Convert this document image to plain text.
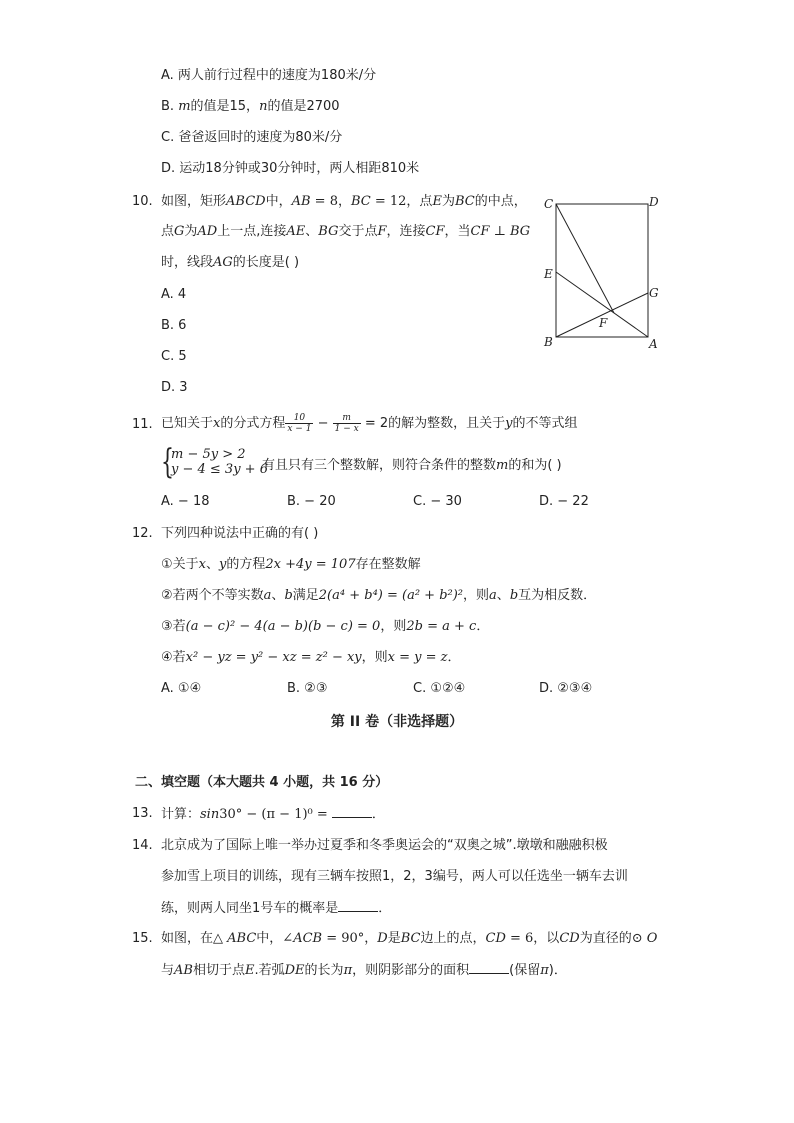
A. 两人前行过程中的速度为180米/分
B. m的值是15，n的值是2700
C. 爸爸返回时的速度为80米/分
D. 运动18分钟或30分钟时，两人相距810米
10. 如图，矩形ABCD中，AB = 8，BC = 12，点E为BC的中点，
点G为AD上一点,连接AE、BG交于点F，连接CF，当CF ⊥ BG
时，线段AG的长度是( )
A. 4
B. 6
C. 5
D. 3
C	D
E
G
F
B	A
11. 已知关于x的分式方程 $\frac{10}{x - 1} - \frac{m}{1 - x} = 2$的解为整数，且关于y的不等式组
{
m − 5y > 2
y − 4 ≤ 3y + 6
有且只有三个整数解，则符合条件的整数m的和为( )
A. − 18	B. − 20	C. − 30	D. − 22
12. 下列四种说法中正确的有( )
①关于x、y的方程2x +4y = 107存在整数解
②若两个不等实数a、b满足2(a⁴ + b⁴) = (a² + b²)²，则a、b互为相反数．
③若(a − c)² − 4(a − b)(b − c) = 0，则2b = a + c．
④若x² − yz = y² − xz = z² − xy，则x = y = z．
A. ①④	B. ②③	C. ①②④	D. ②③④
第 II 卷（非选择题）
二、填空题（本大题共 4 小题，共 16 分）
13. 计算：sin30° − (π − 1)⁰ =	．
14. 北京成为了国际上唯一举办过夏季和冬季奥运会的“双奥之城”.墩墩和融融积极
参加雪上项目的训练，现有三辆车按照1，2，3编号，两人可以任选坐一辆车去训
练，则两人同坐1号车的概率是	．
15. 如图，在△ ABC中，∠ACB = 90°，D是BC边上的点，CD = 6，以CD为直径的⊙ O
与AB相切于点E.若弧DE的长为π，则阴影部分的面积	(保留π)．
